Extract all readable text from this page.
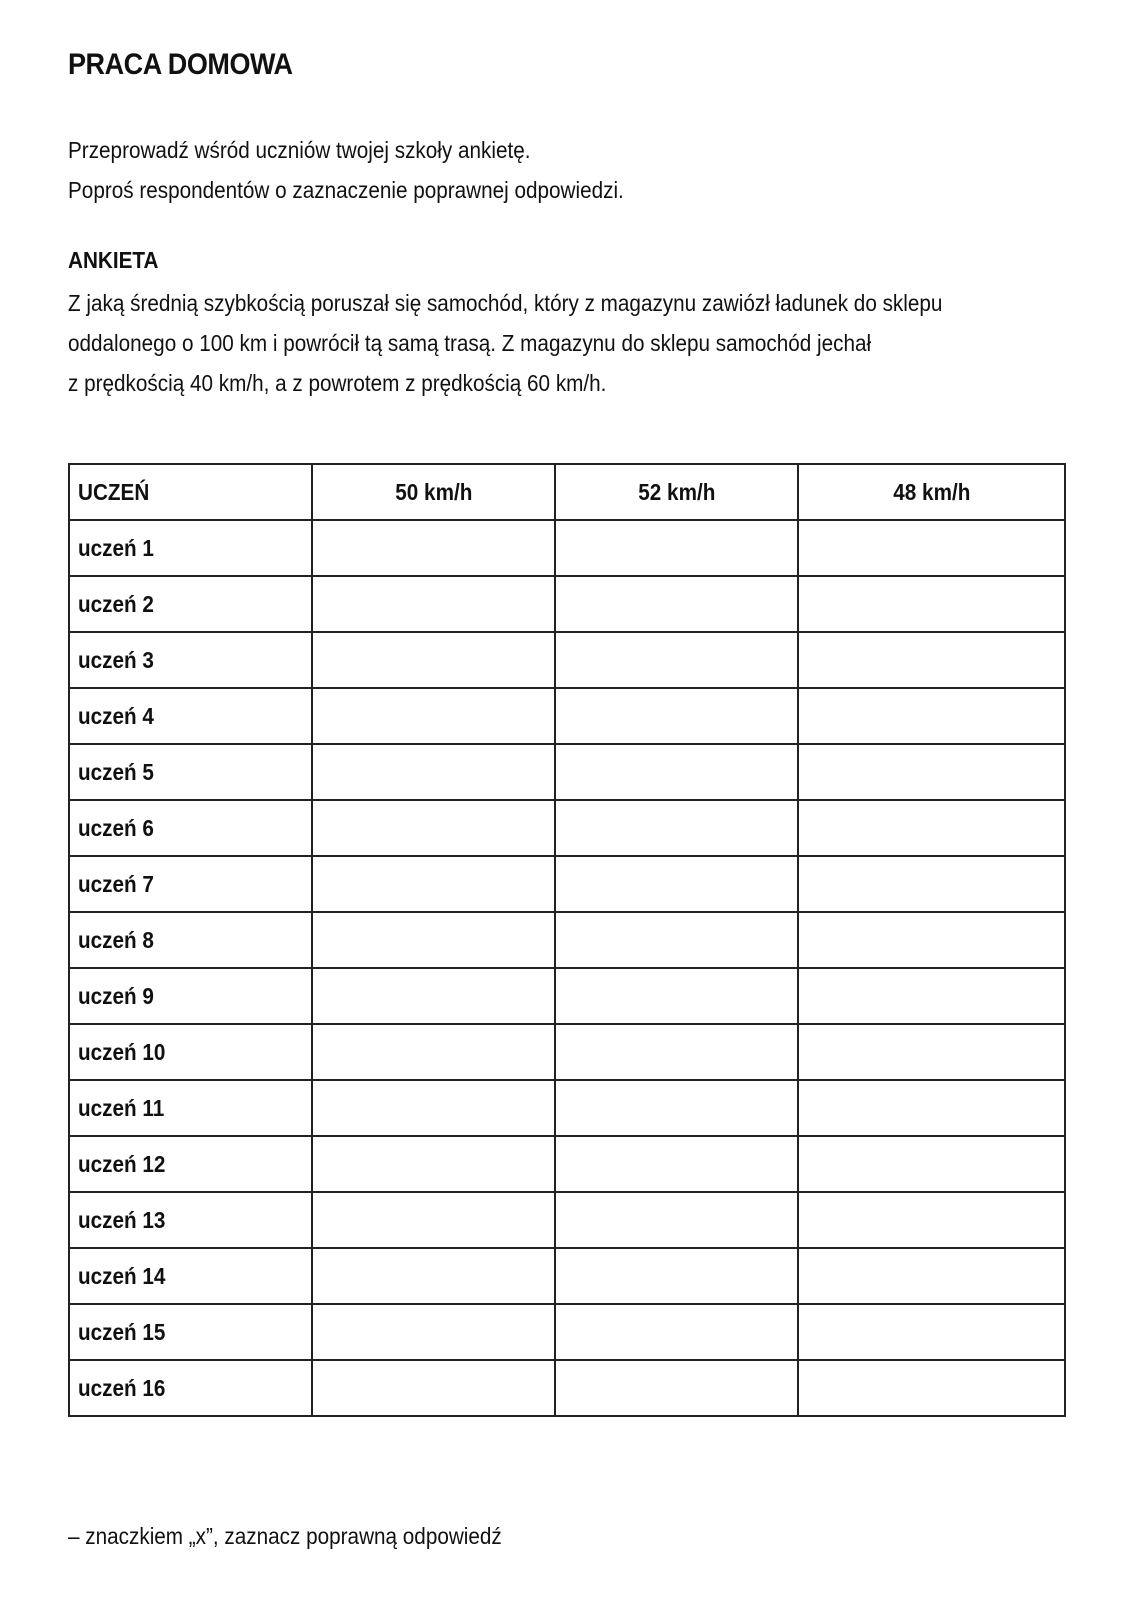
PRACA DOMOWA
Przeprowadź wśród uczniów twojej szkoły ankietę.
Poproś respondentów o zaznaczenie poprawnej odpowiedzi.
ANKIETA
Z jaką średnią szybkością poruszał się samochód, który z magazynu zawiózł ładunek do sklepu
oddalonego o 100 km i powrócił tą samą trasą. Z magazynu do sklepu samochód jechał
z prędkością 40 km/h, a z powrotem z prędkością 60 km/h.
UCZEŃ	50 km/h	52 km/h	48 km/h
uczeń 1			
uczeń 2			
uczeń 3			
uczeń 4			
uczeń 5			
uczeń 6			
uczeń 7			
uczeń 8			
uczeń 9			
uczeń 10			
uczeń 11			
uczeń 12			
uczeń 13			
uczeń 14			
uczeń 15			
uczeń 16			
– znaczkiem „x”, zaznacz poprawną odpowiedź
